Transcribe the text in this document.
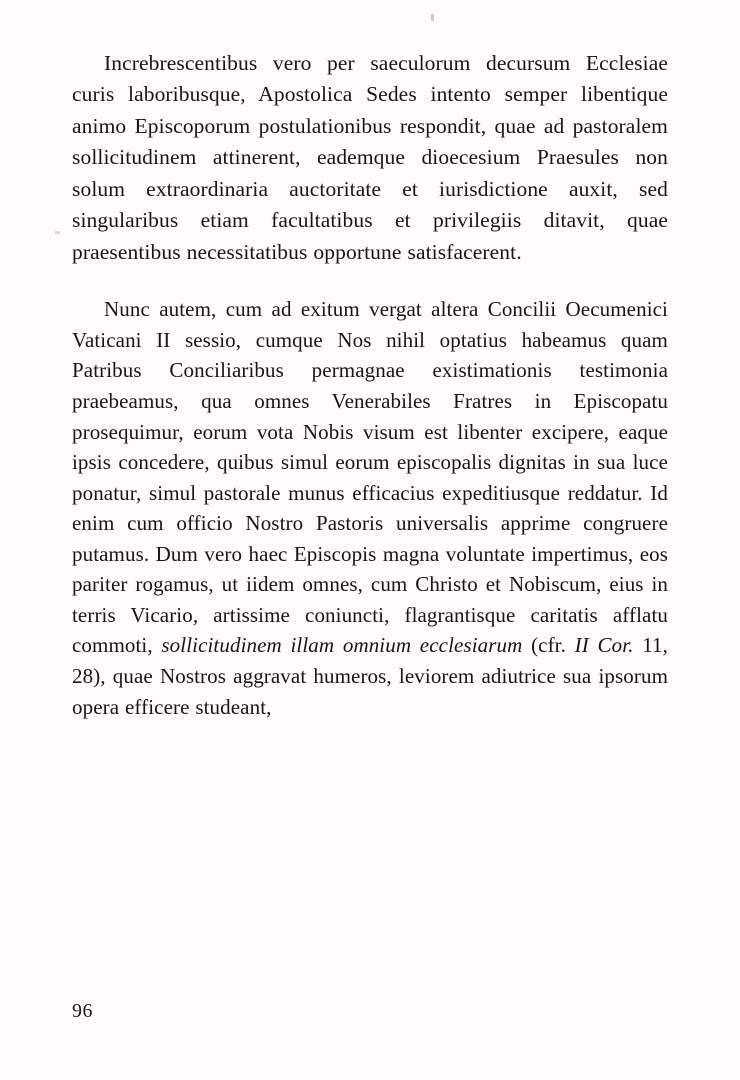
Increbrescentibus vero per saeculorum decursum Ecclesiae curis laboribusque, Apostolica Sedes intento semper libentique animo Episcoporum postulationibus respondit, quae ad pastoralem sollicitudinem attinerent, eademque dioecesium Praesules non solum extraordinaria auctoritate et iurisdictione auxit, sed singularibus etiam facultatibus et privilegiis ditavit, quae praesentibus necessitatibus opportune satisfacerent.

Nunc autem, cum ad exitum vergat altera Concilii Oecumenici Vaticani II sessio, cumque Nos nihil optatius habeamus quam Patribus Conciliaribus permagnae existimationis testimonia praebeamus, qua omnes Venerabiles Fratres in Episcopatu prosequimur, eorum vota Nobis visum est libenter excipere, eaque ipsis concedere, quibus simul eorum episcopalis dignitas in sua luce ponatur, simul pastorale munus efficacius expeditiusque reddatur. Id enim cum officio Nostro Pastoris universalis apprime congruere putamus. Dum vero haec Episcopis magna voluntate impertimus, eos pariter rogamus, ut iidem omnes, cum Christo et Nobiscum, eius in terris Vicario, artissime coniuncti, flagrantisque caritatis afflatu commoti, sollicitudinem illam omnium ecclesiarum (cfr. II Cor. 11, 28), quae Nostros aggravat humeros, leviorem adiutrice sua ipsorum opera efficere studeant,

96
